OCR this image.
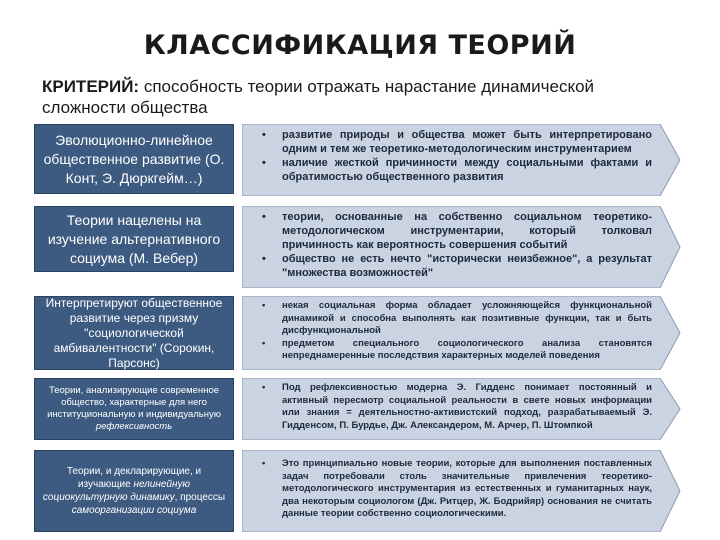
КЛАССИФИКАЦИЯ ТЕОРИЙ
КРИТЕРИЙ: способность теории отражать нарастание динамической сложности общества
Эволюционно-линейное общественное развитие (О. Конт, Э. Дюркгейм…)
• развитие природы и общества может быть интерпретировано одним и тем же теоретико-методологическим инструментарием
• наличие жесткой причинности между социальными фактами и обратимостью общественного развития
Теории нацелены на изучение альтернативного социума (М. Вебер)
• теории, основанные на собственно социальном теоретико-методологическом инструментарии, который толковал причинность как вероятность совершения событий
• общество не есть нечто "исторически неизбежное", а результат "множества возможностей"
Интерпретируют общественное развитие через призму "социологической амбивалентности" (Сорокин, Парсонс)
• некая социальная форма обладает усложняющейся функциональной динамикой и способна выполнять как позитивные функции, так и быть дисфункциональной
• предметом специального социологического анализа становятся непреднамеренные последствия характерных моделей поведения
Теории, анализирующие современное общество, характерные для него институциональную и индивидуальную рефлексивность
• Под рефлексивностью модерна Э. Гидденс понимает постоянный и активный пересмотр социальной реальности в свете новых информации или знания = деятельностно-активистский подход, разрабатываемый Э. Гидденсом, П. Бурдье, Дж. Александером, М. Арчер, П. Штомпкой
Теории, и декларирующие, и изучающие нелинейную социокультурную динамику, процессы самоорганизации социума
• Это принципиально новые теории, которые для выполнения поставленных задач потребовали столь значительные привлечения теоретико-методологического инструментария из естественных и гуманитарных наук, два некоторым социологом (Дж. Ритцер, Ж. Бодрийяр) основания не считать данные теории собственно социологическими.
